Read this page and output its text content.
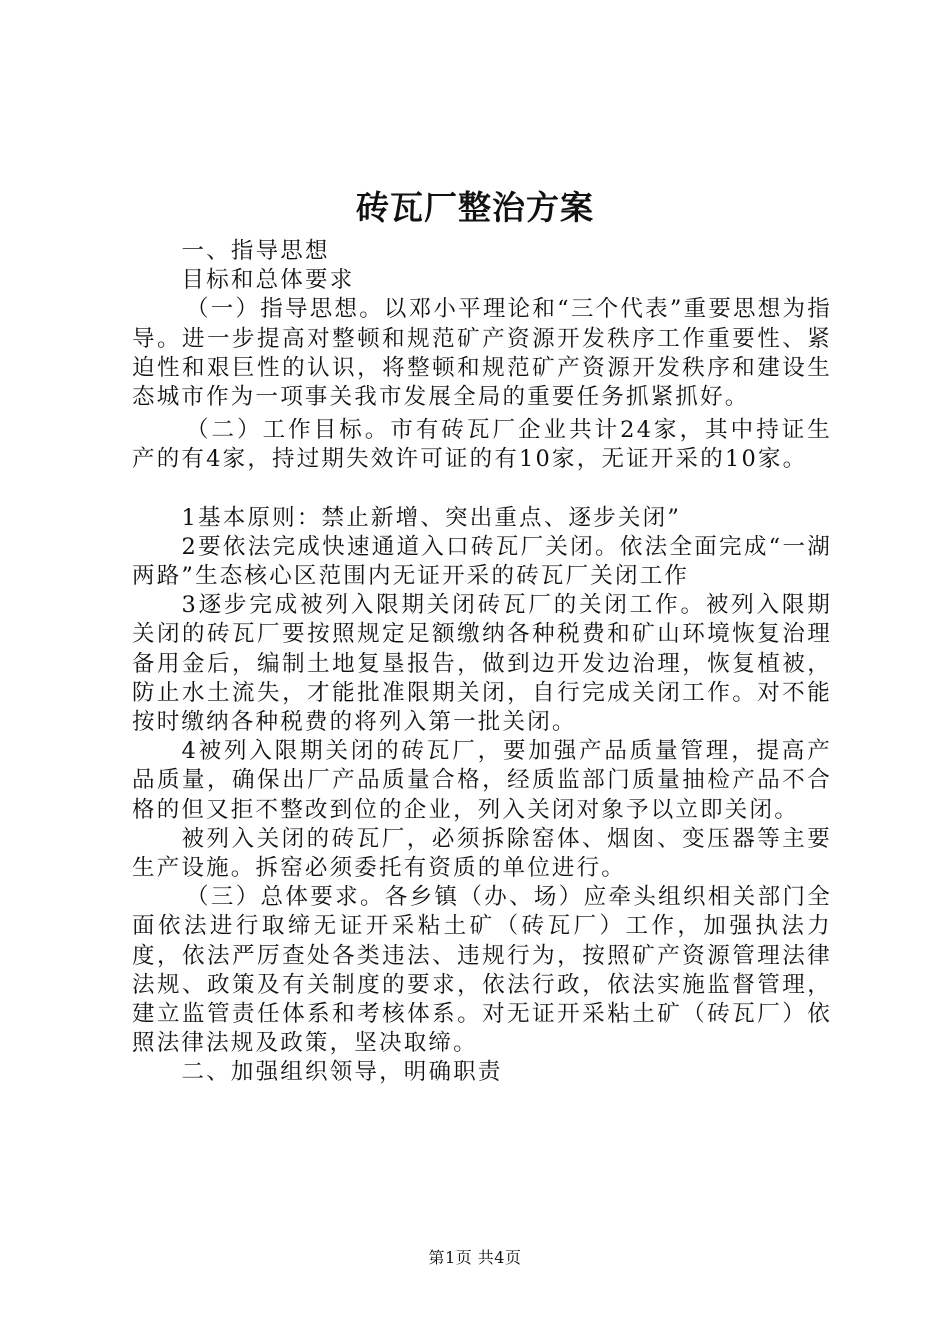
砖瓦厂整治方案

一、指导思想

目标和总体要求

（一）指导思想。以邓小平理论和“三个代表”重要思想为指导。进一步提高对整顿和规范矿产资源开发秩序工作重要性、紧迫性和艰巨性的认识，将整顿和规范矿产资源开发秩序和建设生态城市作为一项事关我市发展全局的重要任务抓紧抓好。

（二）工作目标。市有砖瓦厂企业共计24家，其中持证生产的有4家，持过期失效许可证的有10家，无证开采的10家。

1基本原则：禁止新增、突出重点、逐步关闭”

2要依法完成快速通道入口砖瓦厂关闭。依法全面完成“一湖两路”生态核心区范围内无证开采的砖瓦厂关闭工作

3逐步完成被列入限期关闭砖瓦厂的关闭工作。被列入限期关闭的砖瓦厂要按照规定足额缴纳各种税费和矿山环境恢复治理备用金后，编制土地复垦报告，做到边开发边治理，恢复植被，防止水土流失，才能批准限期关闭，自行完成关闭工作。对不能按时缴纳各种税费的将列入第一批关闭。

4被列入限期关闭的砖瓦厂，要加强产品质量管理，提高产品质量，确保出厂产品质量合格，经质监部门质量抽检产品不合格的但又拒不整改到位的企业，列入关闭对象予以立即关闭。

被列入关闭的砖瓦厂，必须拆除窑体、烟囱、变压器等主要生产设施。拆窑必须委托有资质的单位进行。

（三）总体要求。各乡镇（办、场）应牵头组织相关部门全面依法进行取缔无证开采粘土矿（砖瓦厂）工作，加强执法力度，依法严厉查处各类违法、违规行为，按照矿产资源管理法律法规、政策及有关制度的要求，依法行政，依法实施监督管理，建立监管责任体系和考核体系。对无证开采粘土矿（砖瓦厂）依照法律法规及政策，坚决取缔。

二、加强组织领导，明确职责

第1页 共4页
